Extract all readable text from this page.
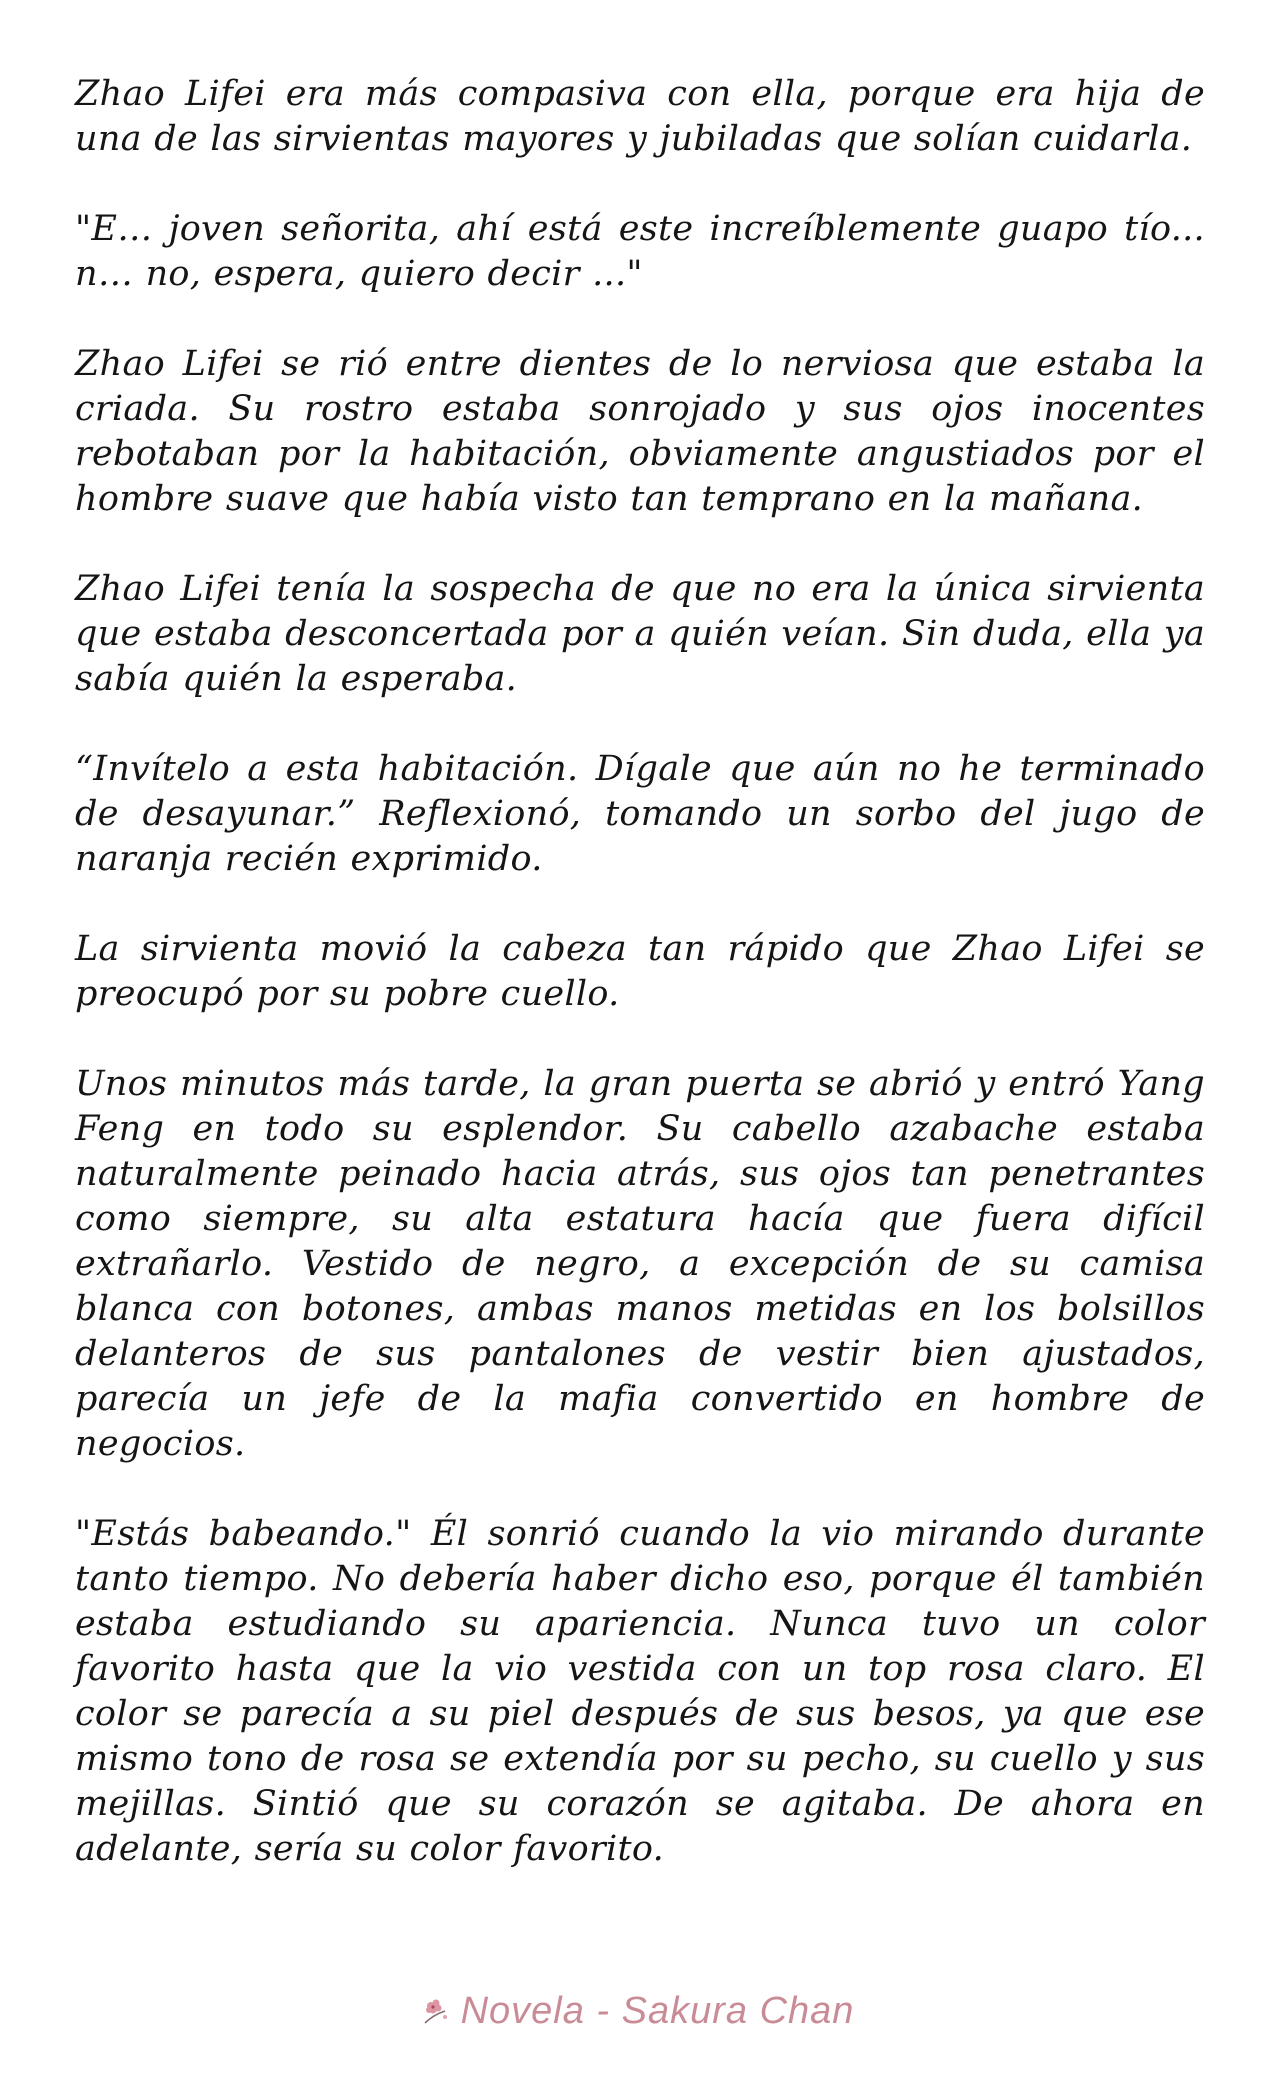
Zhao Lifei era más compasiva con ella, porque era hija de una de las sirvientas mayores y jubiladas que solían cuidarla.

"E… joven señorita, ahí está este increíblemente guapo tío... n… no, espera, quiero decir ..."

Zhao Lifei se rió entre dientes de lo nerviosa que estaba la criada. Su rostro estaba sonrojado y sus ojos inocentes rebotaban por la habitación, obviamente angustiados por el hombre suave que había visto tan temprano en la mañana.

Zhao Lifei tenía la sospecha de que no era la única sirvienta que estaba desconcertada por a quién veían. Sin duda, ella ya sabía quién la esperaba.

“Invítelo a esta habitación. Dígale que aún no he terminado de desayunar.” Reflexionó, tomando un sorbo del jugo de naranja recién exprimido.

La sirvienta movió la cabeza tan rápido que Zhao Lifei se preocupó por su pobre cuello.

Unos minutos más tarde, la gran puerta se abrió y entró Yang Feng en todo su esplendor. Su cabello azabache estaba naturalmente peinado hacia atrás, sus ojos tan penetrantes como siempre, su alta estatura hacía que fuera difícil extrañarlo. Vestido de negro, a excepción de su camisa blanca con botones, ambas manos metidas en los bolsillos delanteros de sus pantalones de vestir bien ajustados, parecía un jefe de la mafia convertido en hombre de negocios.

"Estás babeando." Él sonrió cuando la vio mirando durante tanto tiempo. No debería haber dicho eso, porque él también estaba estudiando su apariencia. Nunca tuvo un color favorito hasta que la vio vestida con un top rosa claro. El color se parecía a su piel después de sus besos, ya que ese mismo tono de rosa se extendía por su pecho, su cuello y sus mejillas. Sintió que su corazón se agitaba. De ahora en adelante, sería su color favorito.

Novela - Sakura Chan
